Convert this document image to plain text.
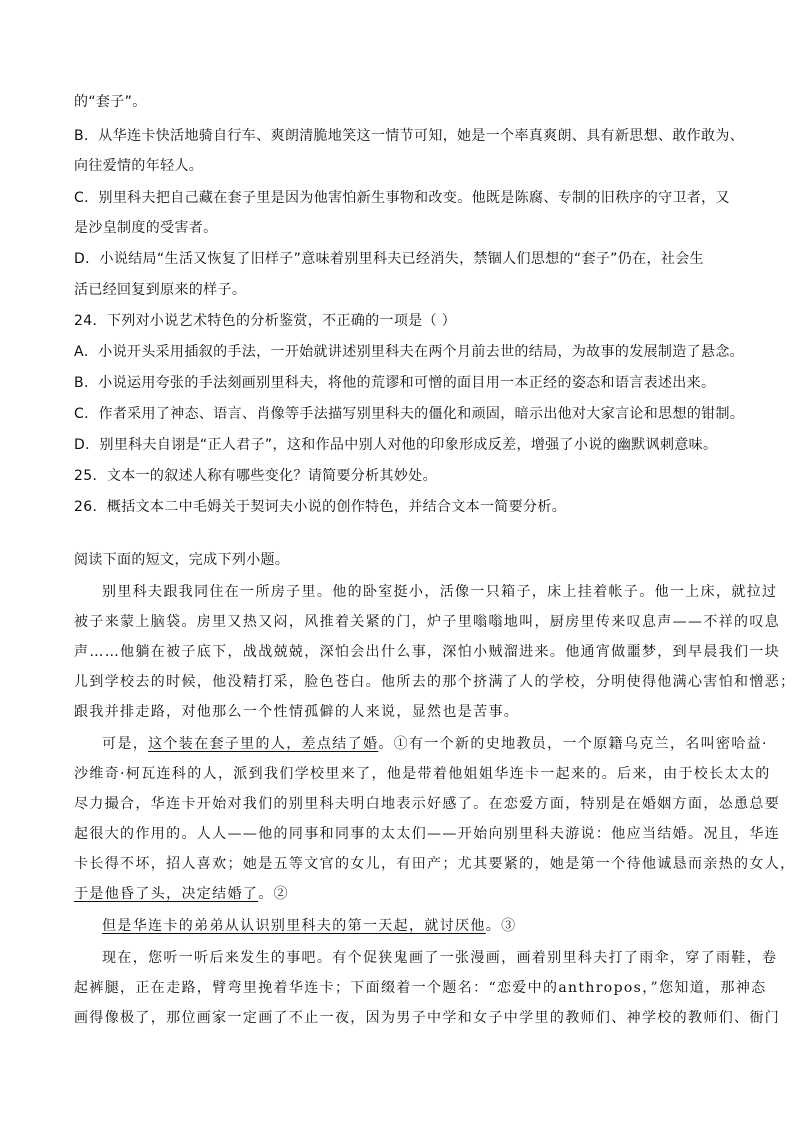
的“套子”。

B．从华连卡快活地骑自行车、爽朗清脆地笑这一情节可知，她是一个率真爽朗、具有新思想、敢作敢为、

向往爱情的年轻人。

C．别里科夫把自己藏在套子里是因为他害怕新生事物和改变。他既是陈腐、专制的旧秩序的守卫者，又

是沙皇制度的受害者。

D．小说结局“生活又恢复了旧样子”意味着别里科夫已经消失，禁锢人们思想的“套子”仍在，社会生

活已经回复到原来的样子。

24．下列对小说艺术特色的分析鉴赏，不正确的一项是（ ）

A．小说开头采用插叙的手法，一开始就讲述别里科夫在两个月前去世的结局，为故事的发展制造了悬念。

B．小说运用夸张的手法刻画别里科夫，将他的荒谬和可憎的面目用一本正经的姿态和语言表述出来。

C．作者采用了神态、语言、肖像等手法描写别里科夫的僵化和顽固，暗示出他对大家言论和思想的钳制。

D．别里科夫自诩是“正人君子”，这和作品中别人对他的印象形成反差，增强了小说的幽默讽刺意味。

25．文本一的叙述人称有哪些变化？请简要分析其妙处。

26．概括文本二中毛姆关于契诃夫小说的创作特色，并结合文本一简要分析。

阅读下面的短文，完成下列小题。

别里科夫跟我同住在一所房子里。他的卧室挺小，活像一只箱子，床上挂着帐子。他一上床，就拉过

被子来蒙上脑袋。房里又热又闷，风推着关紧的门，炉子里嗡嗡地叫，厨房里传来叹息声——不祥的叹息

声……他躺在被子底下，战战兢兢，深怕会出什么事，深怕小贼溜进来。他通宵做噩梦，到早晨我们一块

儿到学校去的时候，他没精打采，脸色苍白。他所去的那个挤满了人的学校，分明使得他满心害怕和憎恶；

跟我并排走路，对他那么一个性情孤僻的人来说，显然也是苦事。

可是，这个装在套子里的人，差点结了婚。①有一个新的史地教员，一个原籍乌克兰，名叫密哈益·

沙维奇·柯瓦连科的人，派到我们学校里来了，他是带着他姐姐华连卡一起来的。后来，由于校长太太的

尽力撮合，华连卡开始对我们的别里科夫明白地表示好感了。在恋爱方面，特别是在婚姻方面，怂恿总要

起很大的作用的。人人——他的同事和同事的太太们——开始向别里科夫游说：他应当结婚。况且，华连

卡长得不坏，招人喜欢；她是五等文官的女儿，有田产；尤其要紧的，她是第一个待他诚恳而亲热的女人，

于是他昏了头，决定结婚了。②

但是华连卡的弟弟从认识别里科夫的第一天起，就讨厌他。③

现在，您听一听后来发生的事吧。有个促狭鬼画了一张漫画，画着别里科夫打了雨伞，穿了雨鞋，卷

起裤腿，正在走路，臂弯里挽着华连卡；下面缀着一个题名：“恋爱中的anthropos，”您知道，那神态

画得像极了，那位画家一定画了不止一夜，因为男子中学和女子中学里的教师们、神学校的教师们、衙门
